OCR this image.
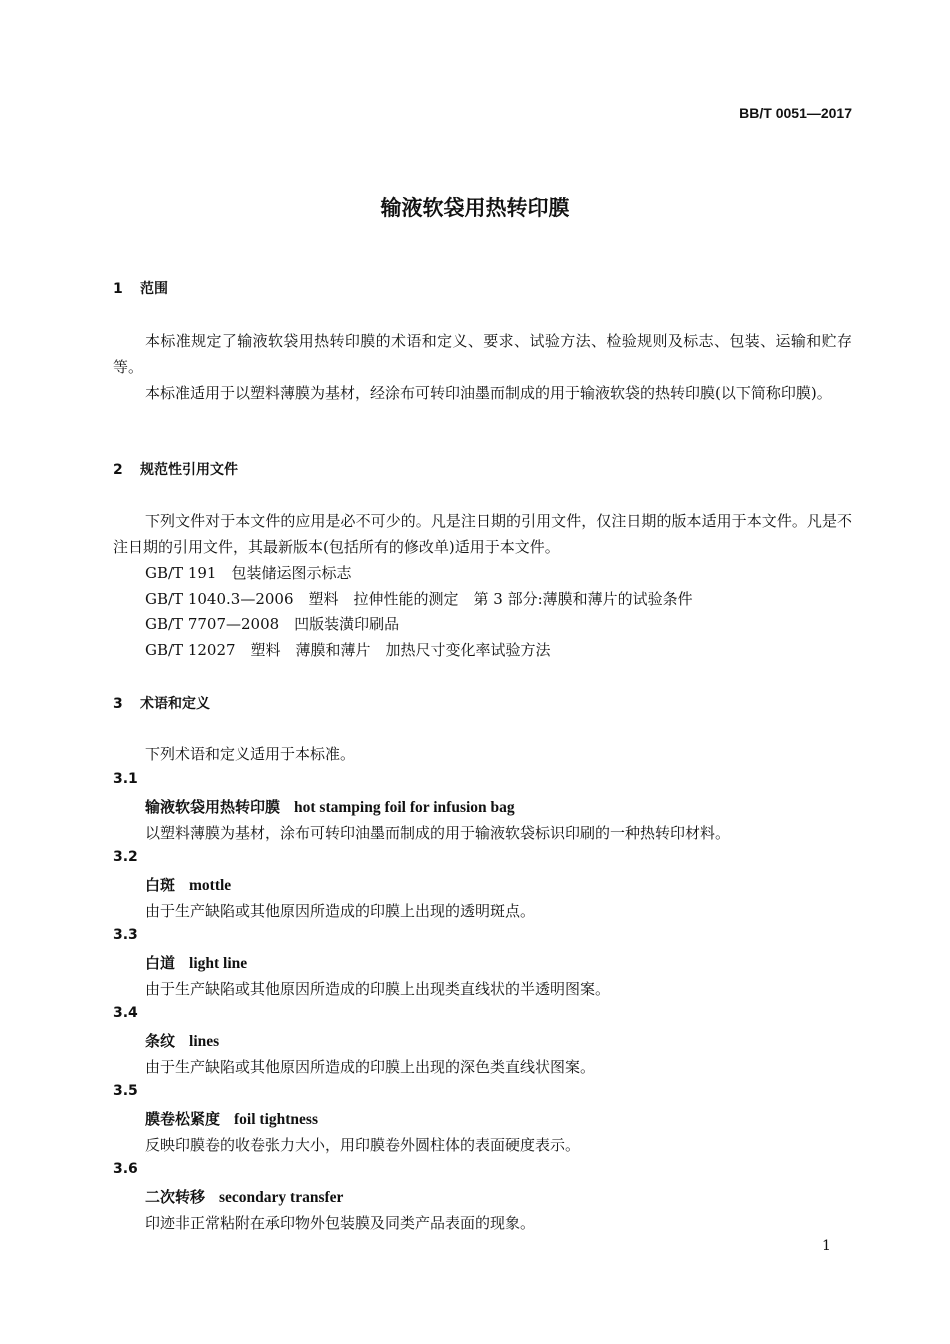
BB/T 0051—2017
输液软袋用热转印膜
1 范围
本标准规定了输液软袋用热转印膜的术语和定义、要求、试验方法、检验规则及标志、包装、运输和贮存等。
本标准适用于以塑料薄膜为基材，经涂布可转印油墨而制成的用于输液软袋的热转印膜(以下简称印膜)。
2 规范性引用文件
下列文件对于本文件的应用是必不可少的。凡是注日期的引用文件，仅注日期的版本适用于本文件。凡是不注日期的引用文件，其最新版本(包括所有的修改单)适用于本文件。
GB/T 191　包装储运图示标志
GB/T 1040.3—2006　塑料　拉伸性能的测定　第 3 部分:薄膜和薄片的试验条件
GB/T 7707—2008　凹版装潢印刷品
GB/T 12027　塑料　薄膜和薄片　加热尺寸变化率试验方法
3 术语和定义
下列术语和定义适用于本标准。
3.1
输液软袋用热转印膜 hot stamping foil for infusion bag
以塑料薄膜为基材，涂布可转印油墨而制成的用于输液软袋标识印刷的一种热转印材料。
3.2
白斑 mottle
由于生产缺陷或其他原因所造成的印膜上出现的透明斑点。
3.3
白道 light line
由于生产缺陷或其他原因所造成的印膜上出现类直线状的半透明图案。
3.4
条纹 lines
由于生产缺陷或其他原因所造成的印膜上出现的深色类直线状图案。
3.5
膜卷松紧度 foil tightness
反映印膜卷的收卷张力大小，用印膜卷外圆柱体的表面硬度表示。
3.6
二次转移 secondary transfer
印迹非正常粘附在承印物外包装膜及同类产品表面的现象。
1
